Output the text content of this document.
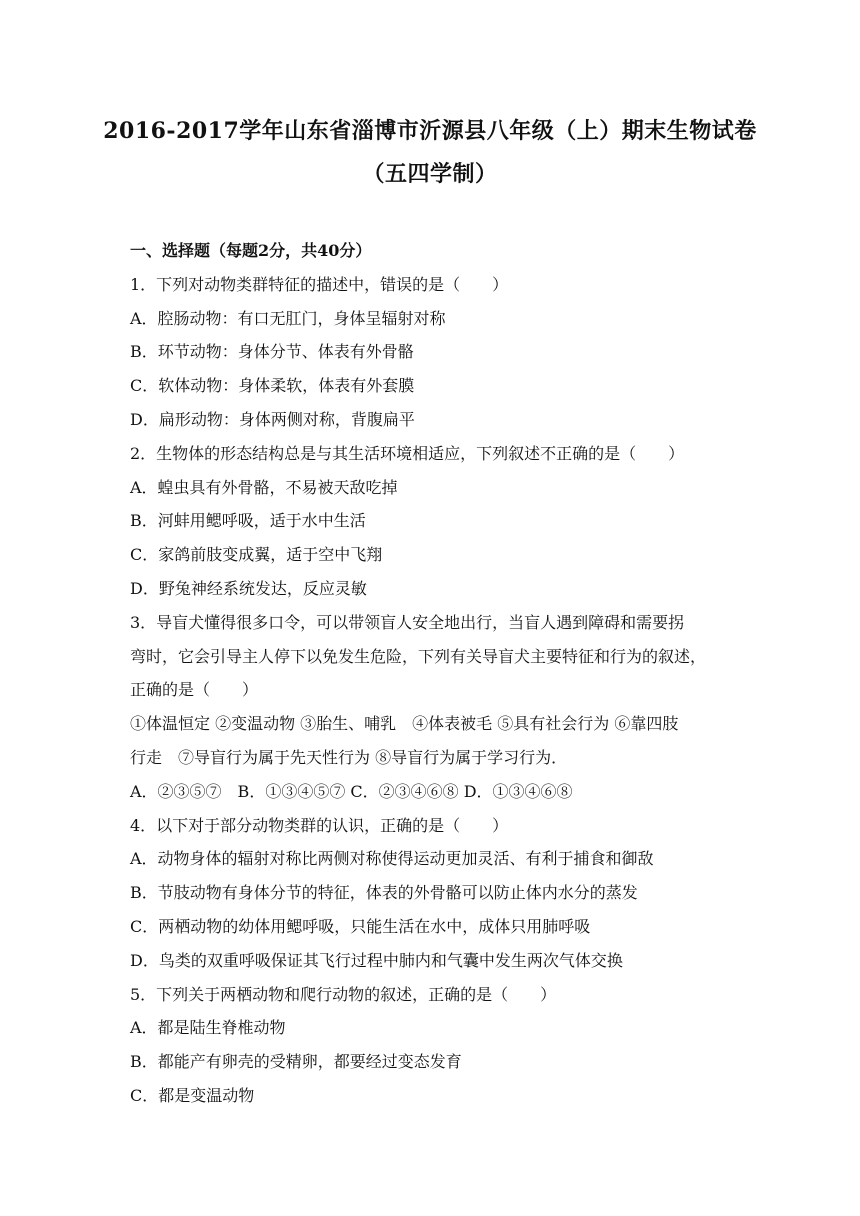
2016-2017学年山东省淄博市沂源县八年级（上）期末生物试卷
（五四学制）
一、选择题（每题2分，共40分）
1．下列对动物类群特征的描述中，错误的是（　　）
A．腔肠动物：有口无肛门，身体呈辐射对称
B．环节动物：身体分节、体表有外骨骼
C．软体动物：身体柔软，体表有外套膜
D．扁形动物：身体两侧对称，背腹扁平
2．生物体的形态结构总是与其生活环境相适应，下列叙述不正确的是（　　）
A．蝗虫具有外骨骼，不易被天敌吃掉
B．河蚌用鳃呼吸，适于水中生活
C．家鸽前肢变成翼，适于空中飞翔
D．野兔神经系统发达，反应灵敏
3．导盲犬懂得很多口令，可以带领盲人安全地出行，当盲人遇到障碍和需要拐
弯时，它会引导主人停下以免发生危险，下列有关导盲犬主要特征和行为的叙述，
正确的是（　　）
①体温恒定 ②变温动物 ③胎生、哺乳　④体表被毛 ⑤具有社会行为 ⑥靠四肢
行走　⑦导盲行为属于先天性行为 ⑧导盲行为属于学习行为．
A．②③⑤⑦　B．①③④⑤⑦ C．②③④⑥⑧ D．①③④⑥⑧
4．以下对于部分动物类群的认识，正确的是（　　）
A．动物身体的辐射对称比两侧对称使得运动更加灵活、有利于捕食和御敌
B．节肢动物有身体分节的特征，体表的外骨骼可以防止体内水分的蒸发
C．两栖动物的幼体用鳃呼吸，只能生活在水中，成体只用肺呼吸
D．鸟类的双重呼吸保证其飞行过程中肺内和气囊中发生两次气体交换
5．下列关于两栖动物和爬行动物的叙述，正确的是（　　）
A．都是陆生脊椎动物
B．都能产有卵壳的受精卵，都要经过变态发育
C．都是变温动物
